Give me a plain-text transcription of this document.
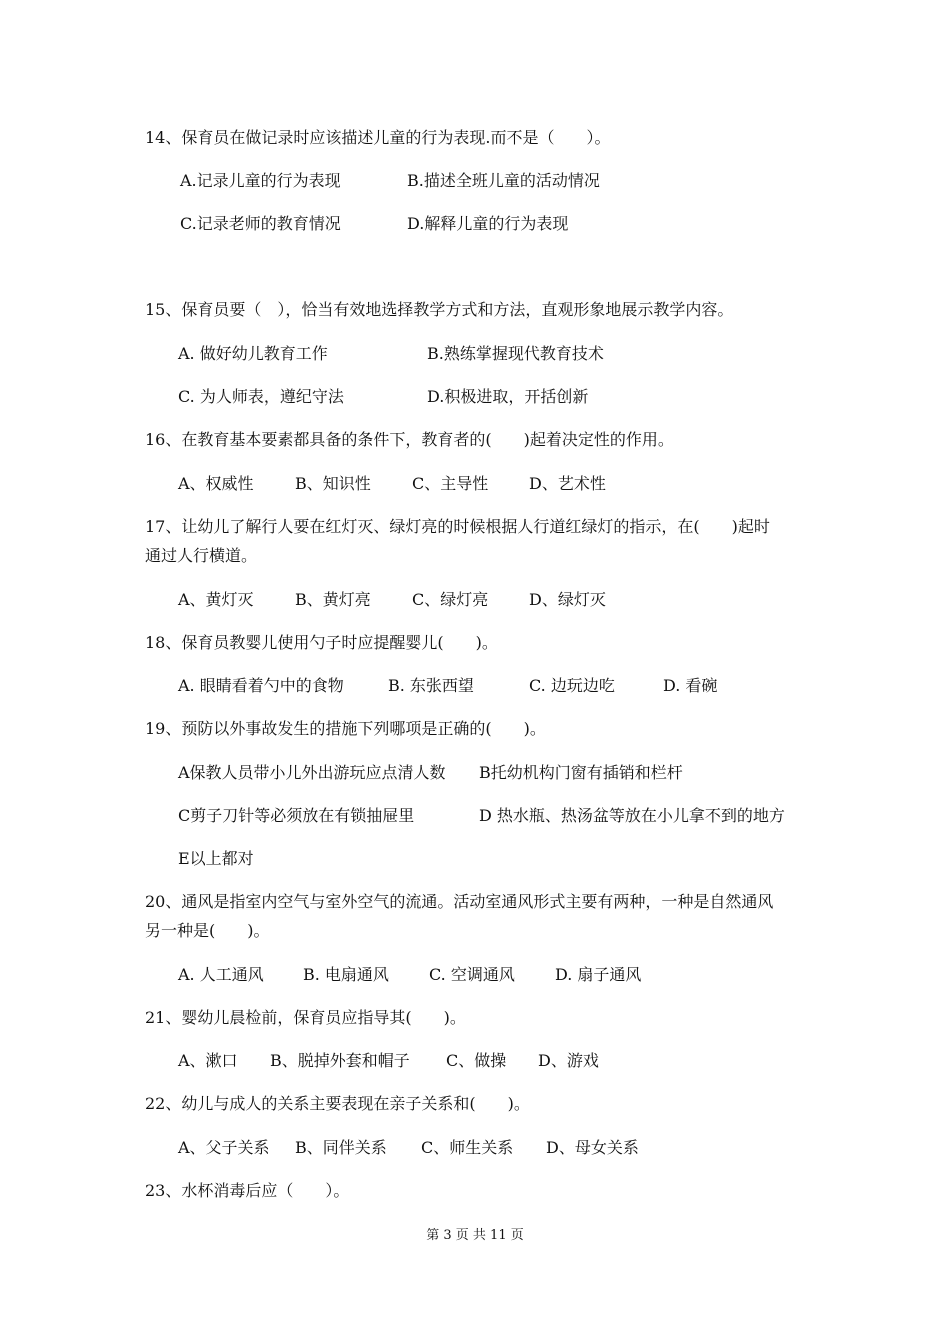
14、保育员在做记录时应该描述儿童的行为表现.而不是（　　）。
A.记录儿童的行为表现	B.描述全班儿童的活动情况
C.记录老师的教育情况	D.解释儿童的行为表现
15、保育员要（　），恰当有效地选择教学方式和方法，直观形象地展示教学内容。
A. 做好幼儿教育工作	B.熟练掌握现代教育技术
C. 为人师表，遵纪守法	D.积极进取，开括创新
16、在教育基本要素都具备的条件下，教育者的(　　)起着决定性的作用。
A、权威性	B、知识性	C、主导性	D、艺术性
17、让幼儿了解行人要在红灯灭、绿灯亮的时候根据人行道红绿灯的指示，在(　　)起时
通过人行横道。
A、黄灯灭	B、黄灯亮	C、绿灯亮	D、绿灯灭
18、保育员教婴儿使用勺子时应提醒婴儿(　　)。
A. 眼睛看着勺中的食物	B. 东张西望	C. 边玩边吃	D. 看碗
19、预防以外事故发生的措施下列哪项是正确的(　　)。
A保教人员带小儿外出游玩应点清人数 B托幼机构门窗有插销和栏杆
C剪子刀针等必须放在有锁抽屉里	D 热水瓶、热汤盆等放在小儿拿不到的地方
E以上都对
20、通风是指室内空气与室外空气的流通。活动室通风形式主要有两种，一种是自然通风
另一种是(　　)。
A. 人工通风 B. 电扇通风	C. 空调通风	D. 扇子通风
21、婴幼儿晨检前，保育员应指导其(　　)。
A、漱口 B、脱掉外套和帽子 C、做操 D、游戏
22、幼儿与成人的关系主要表现在亲子关系和(　　)。
A、父子关系 B、同伴关系 C、师生关系 D、母女关系
23、水杯消毒后应（　　）。
第 3 页 共 11 页
